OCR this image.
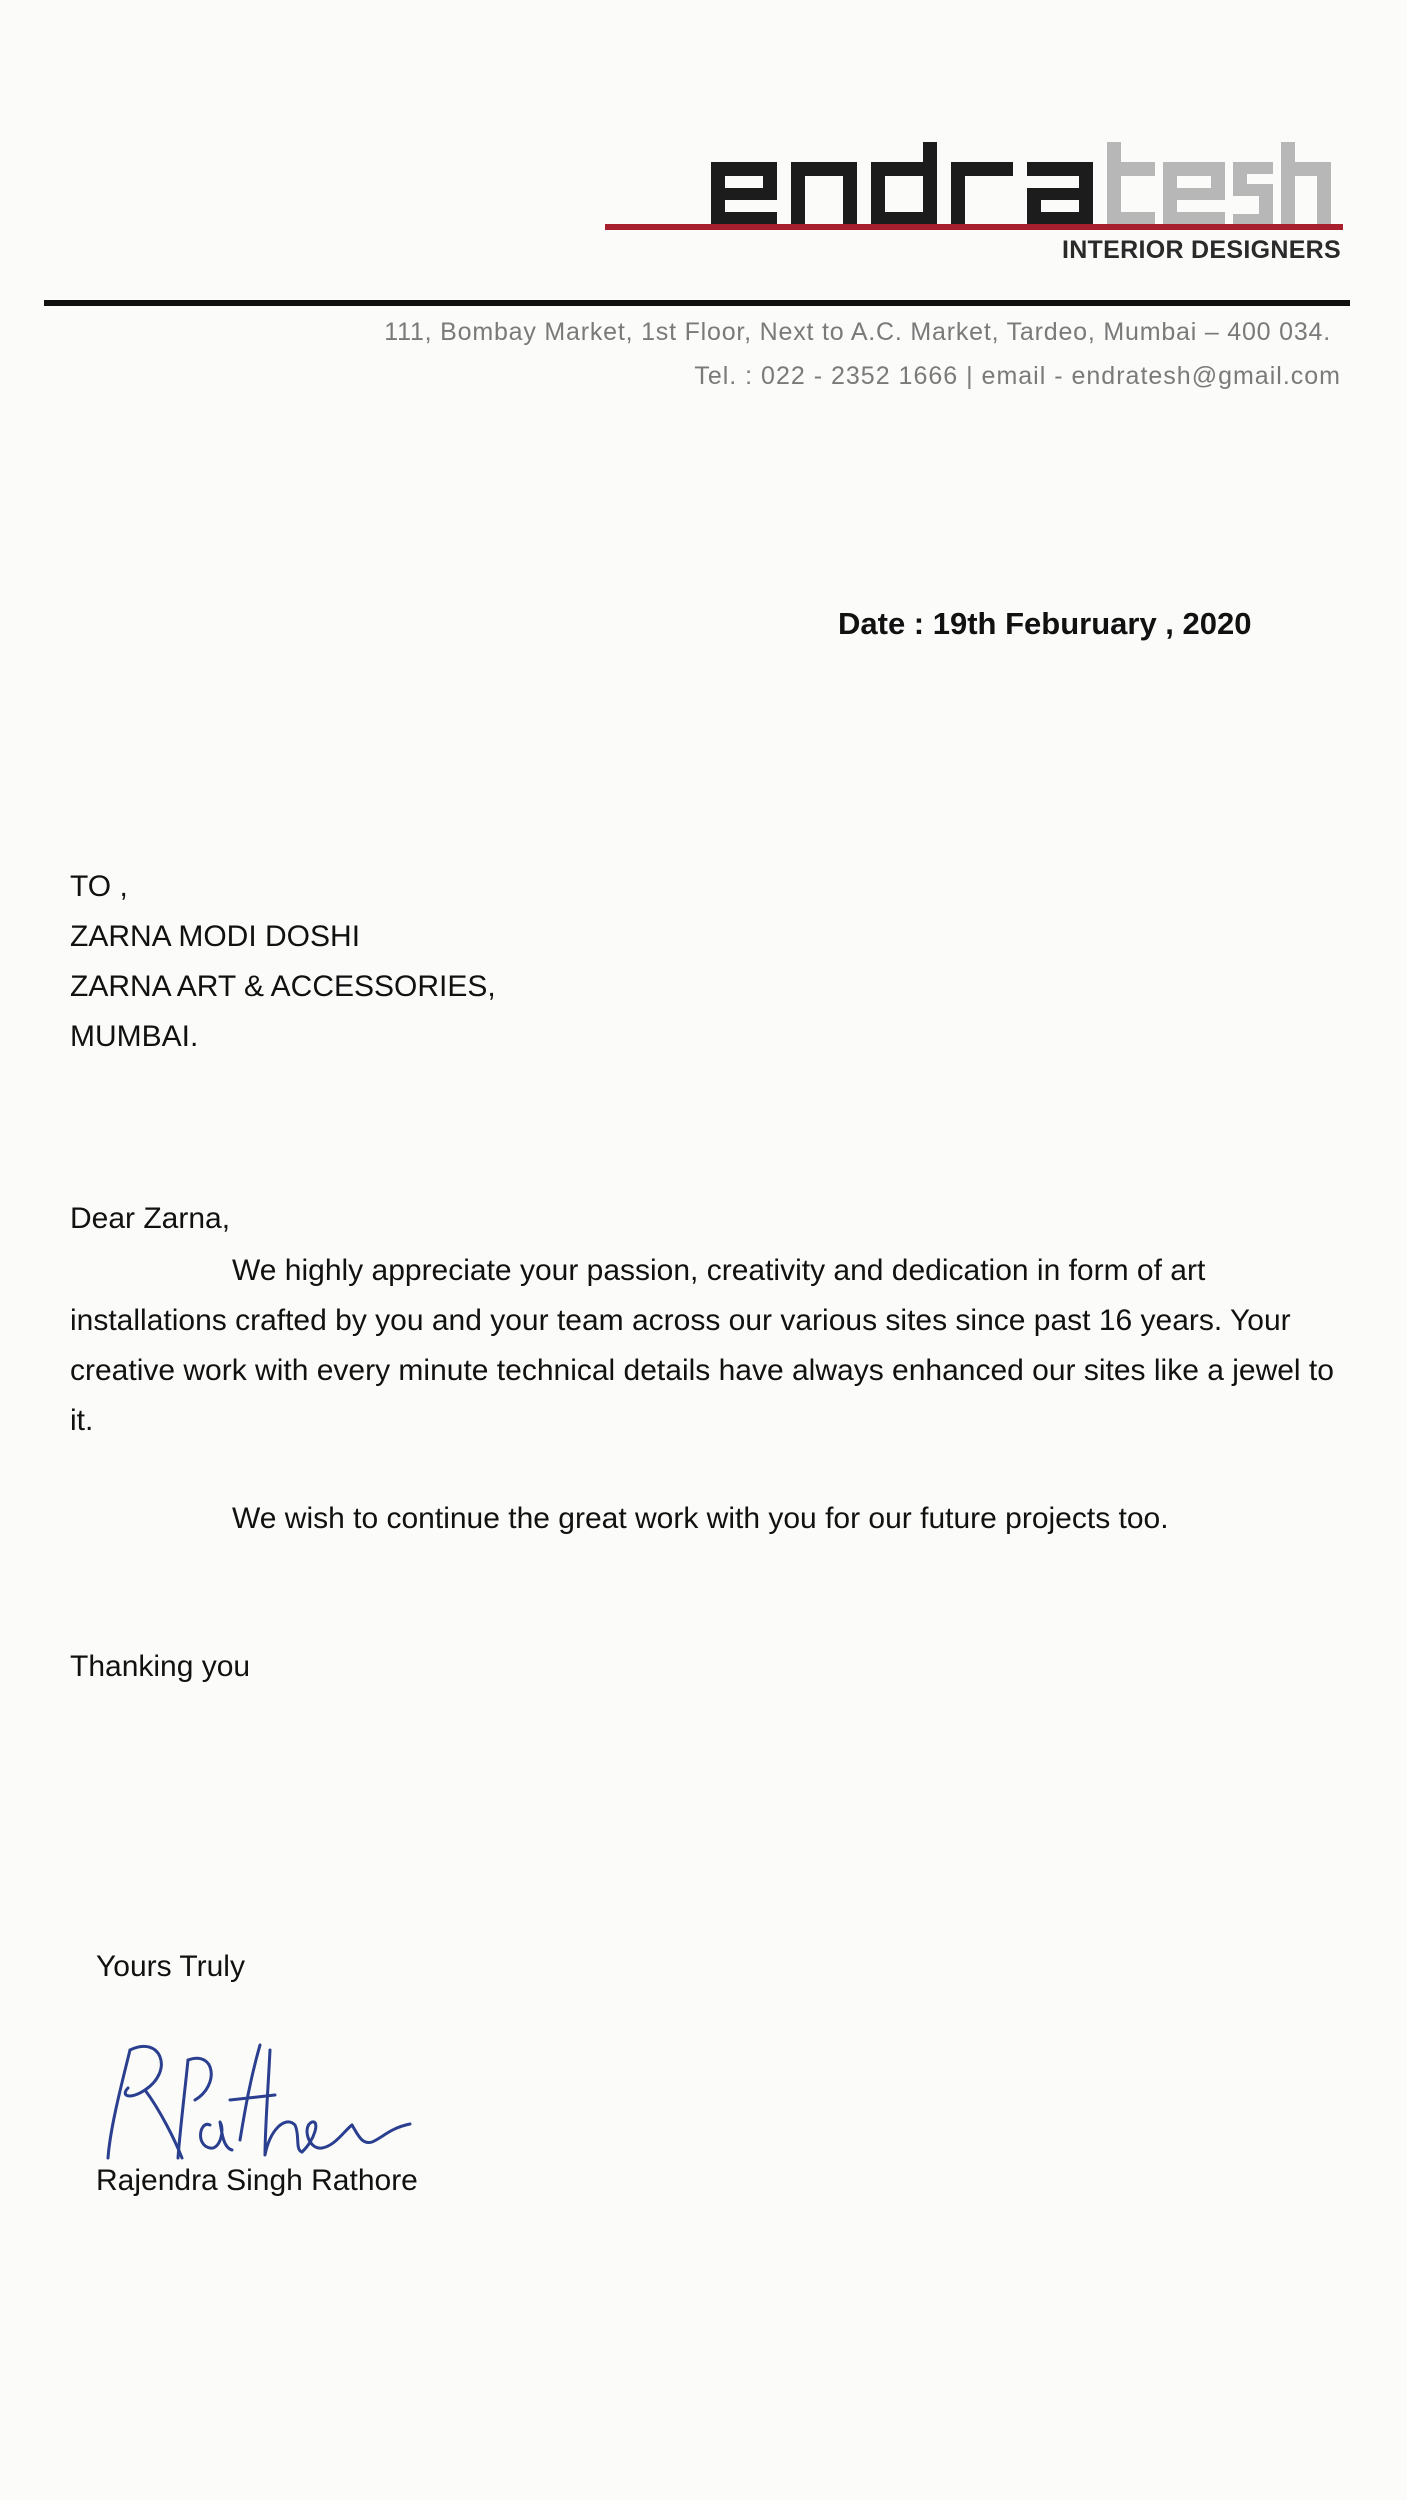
INTERIOR DESIGNERS
111, Bombay Market, 1st Floor, Next to A.C. Market, Tardeo, Mumbai – 400 034.
Tel. : 022 - 2352 1666 | email - endratesh@gmail.com
Date : 19th Feburuary , 2020
TO ,
ZARNA MODI DOSHI
ZARNA ART & ACCESSORIES,
MUMBAI.
Dear Zarna,

We highly appreciate your passion, creativity and dedication in form of art installations crafted by you and your team across our various sites since past 16 years. Your creative work with every minute technical details have always enhanced our sites like a jewel to it.

We wish to continue the great work with you for our future projects too.

Thanking you
Yours Truly
Rajendra Singh Rathore
